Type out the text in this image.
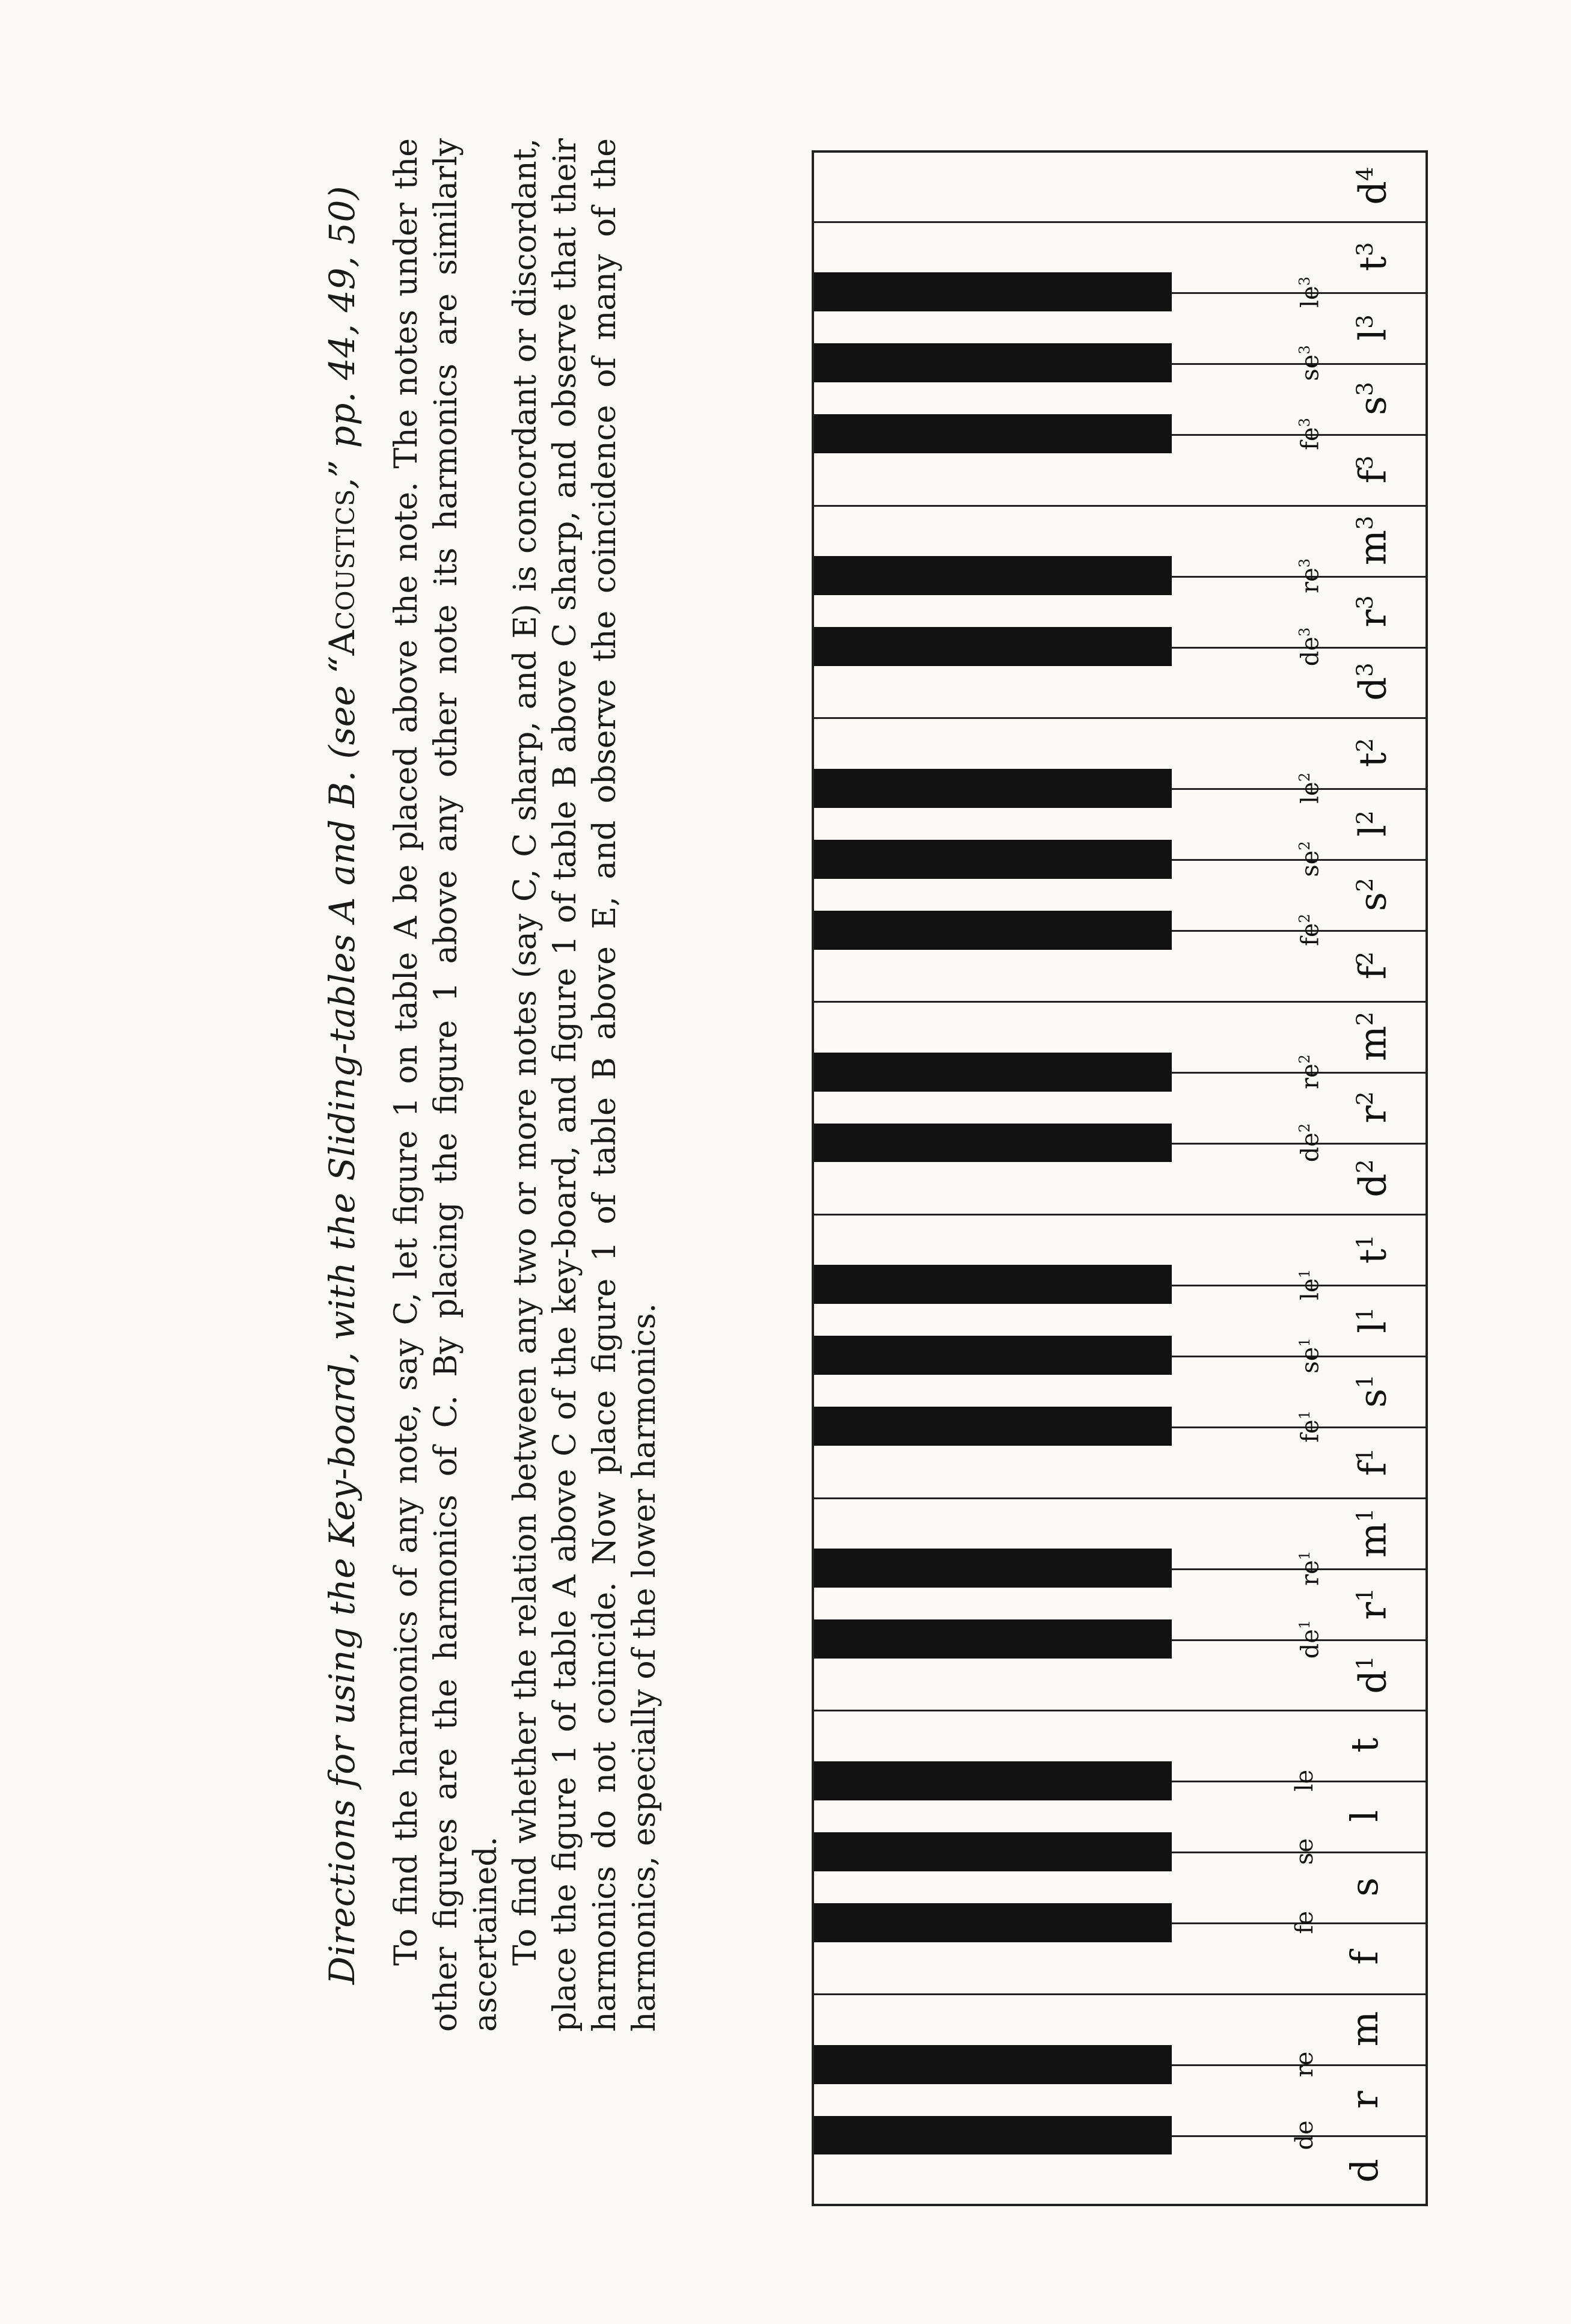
Directions for using the Key-board, with the Sliding-tables A and B. (see “Acoustics,” pp. 44, 49, 50) To find the harmonics of any note, say C, let figure 1 on table A be placed above the note. The notes under the other figures are the harmonics of C. By placing the figure 1 above any other note its harmonics are similarly ascertained. To find whether the relation between any two or more notes (say C, C sharp, and E) is concordant or discordant, place the figure 1 of table A above C of the key-board, and figure 1 of table B above C sharp, and observe that their harmonics do not coincide. Now place figure 1 of table B above E, and observe the coincidence of many of the harmonics, especially of the lower harmonics.

d
r
m
f
s
l
t
$d^1$
$r^1$
$m^1$
$f^1$
$s^1$
$l^1$
$t^1$
$d^2$
$r^2$
$m^2$
$f^2$
$s^2$
$l^2$
$t^2$
$d^3$
$r^3$
$m^3$
$f^3$
$s^3$
$l^3$
$t^3$
$d^4$
de
re
fe
se
le
$de^1$
$re^1$
$fe^1$
$se^1$
$le^1$
$de^2$
$re^2$
$fe^2$
$se^2$
$le^2$
$de^3$
$re^3$
$fe^3$
$se^3$
$le^3$
